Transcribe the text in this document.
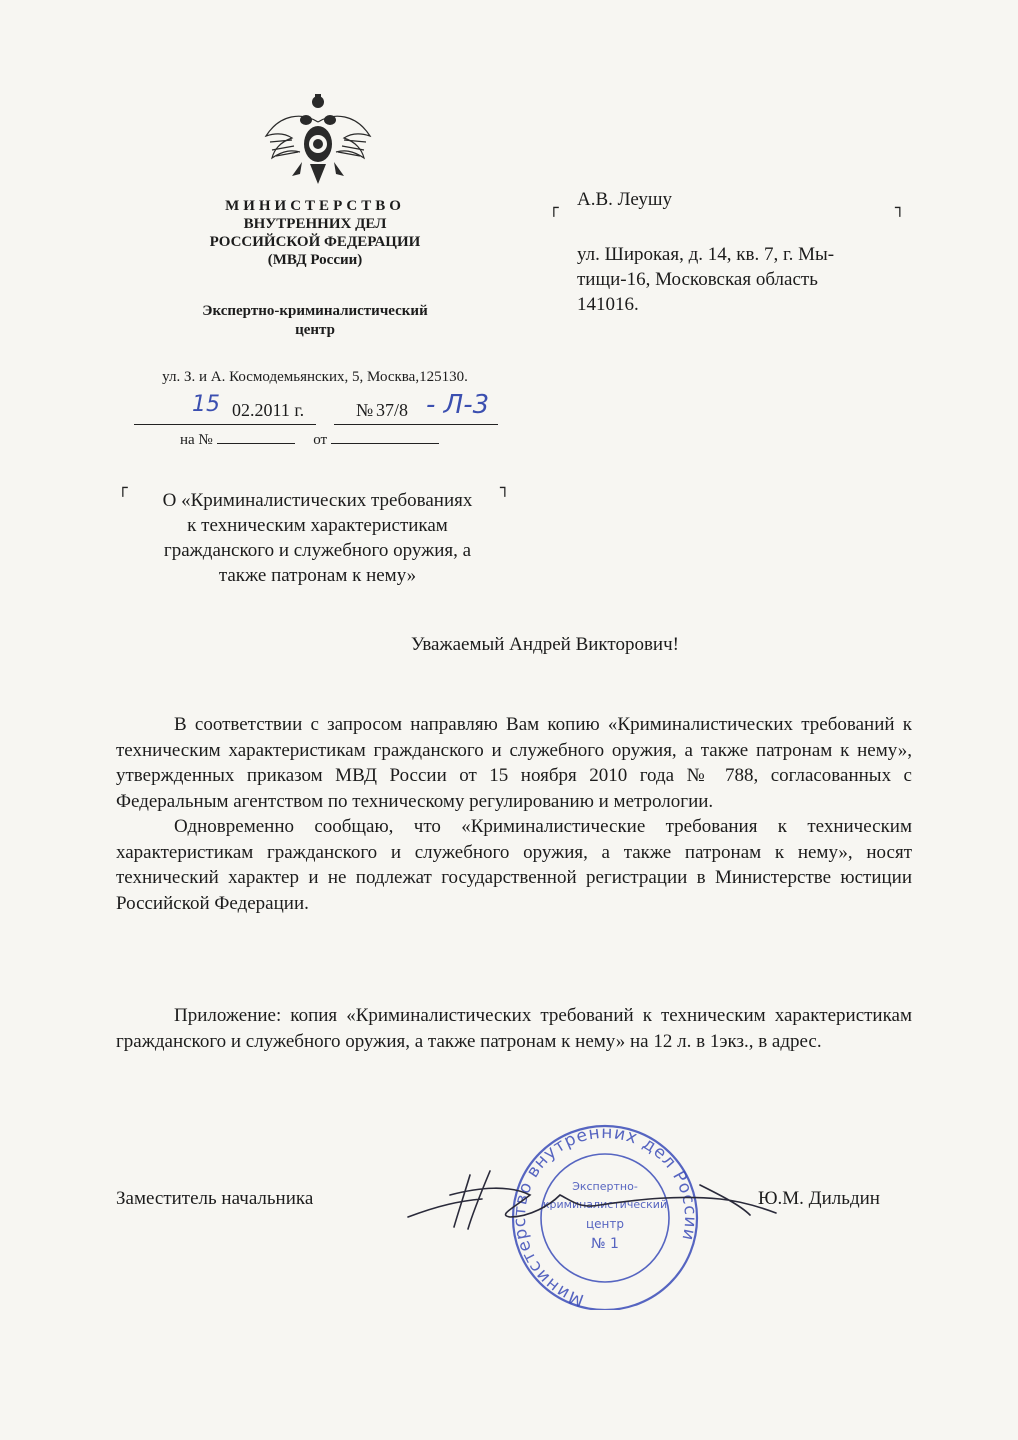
МИНИСТЕРСТВО
ВНУТРЕННИХ ДЕЛ
РОССИЙСКОЙ ФЕДЕРАЦИИ
(МВД России)
Экспертно-криминалистический
центр
ул. З. и А. Космодемьянских, 5, Москва,125130.
15 02.2011 г.	№ 37/8 - Л-3
на №	от
┌	┐
А.В. Леушу
ул. Широкая, д. 14, кв. 7, г. Мы-
тищи-16, Московская область
141016.
┌	┐
О «Криминалистических требованиях
к техническим характеристикам
гражданского и служебного оружия, а
также патронам к нему»
Уважаемый Андрей Викторович!

В соответствии с запросом направляю Вам копию «Криминалистических требований к техническим характеристикам гражданского и служебного оружия, а также патронам к нему», утвержденных приказом МВД России от 15 ноября 2010 года № 788, согласованных с Федеральным агентством по техническому регулированию и метрологии.

Одновременно сообщаю, что «Криминалистические требования к техническим характеристикам гражданского и служебного оружия, а также патронам к нему», носят технический характер и не подлежат государственной регистрации в Министерстве юстиции Российской Федерации.

Приложение: копия «Криминалистических требований к техническим характеристикам гражданского и служебного оружия, а также патронам к нему» на 12 л. в 1экз., в адрес.

Министерство внутренних дел России
Экспертно-
криминалистический
центр
№ 1
Заместитель начальника	Ю.М. Дильдин
